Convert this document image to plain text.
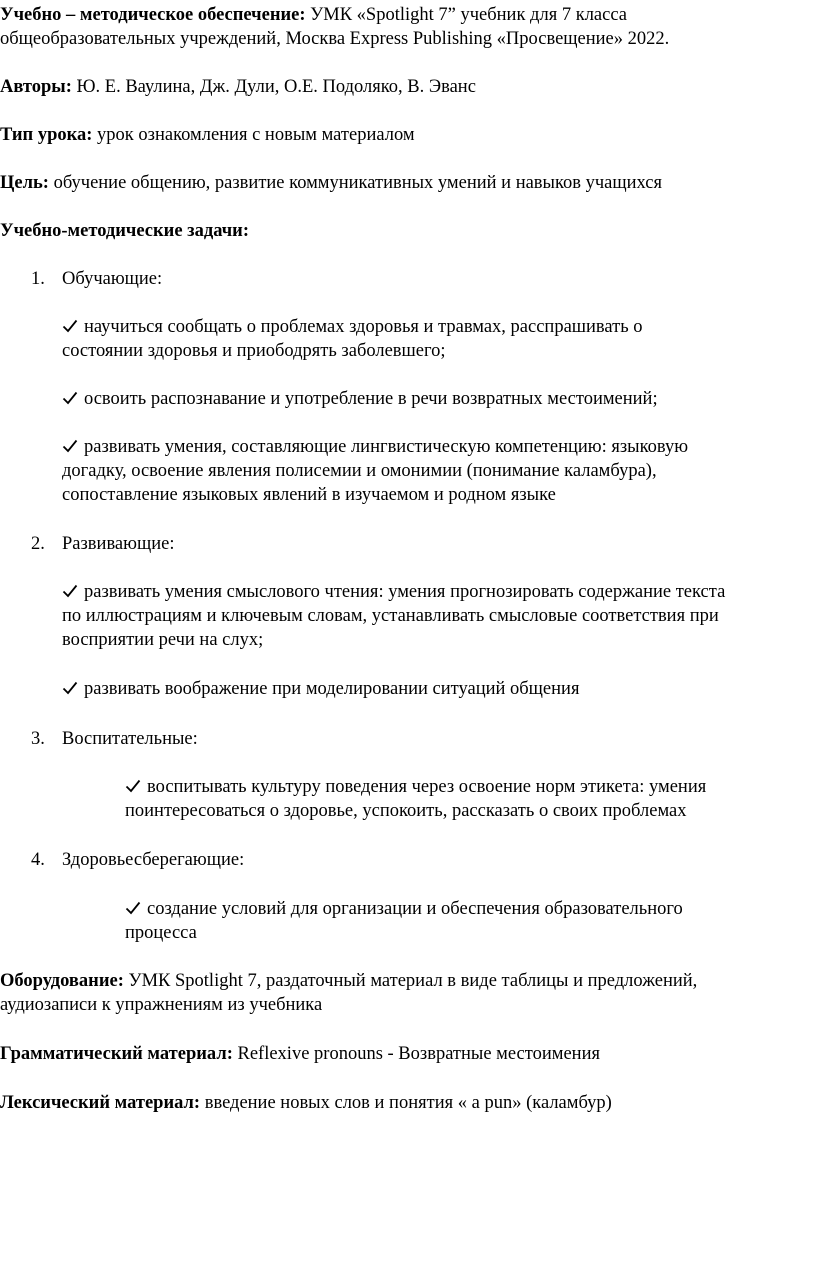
Учебно – методическое обеспечение: УМК «Spotlight 7” учебник для 7 класса
общеобразовательных учреждений, Москва Express Publishing «Просвещение» 2022.
Авторы: Ю. Е. Ваулина, Дж. Дули, О.Е. Подоляко, В. Эванс
Тип урока: урок ознакомления с новым материалом
Цель: обучение общению, развитие коммуникативных умений и навыков учащихся
Учебно-методические задачи:
1. Обучающие:
научиться сообщать о проблемах здоровья и травмах, расспрашивать о
состоянии здоровья и приободрять заболевшего;
освоить распознавание и употребление в речи возвратных местоимений;
развивать умения, составляющие лингвистическую компетенцию: языковую
догадку, освоение явления полисемии и омонимии (понимание каламбура),
сопоставление языковых явлений в изучаемом и родном языке
2. Развивающие:
развивать умения смыслового чтения: умения прогнозировать содержание текста
по иллюстрациям и ключевым словам, устанавливать смысловые соответствия при
восприятии речи на слух;
развивать воображение при моделировании ситуаций общения
3. Воспитательные:
воспитывать культуру поведения через освоение норм этикета: умения
поинтересоваться о здоровье, успокоить, рассказать о своих проблемах
4. Здоровьесберегающие:
создание условий для организации и обеспечения образовательного
процесса
Оборудование: УМК Spotlight 7, раздаточный материал в виде таблицы и предложений,
аудиозаписи к упражнениям из учебника
Грамматический материал: Reflexive pronouns - Возвратные местоимения
Лексический материал: введение новых слов и понятия « a pun» (каламбур)
